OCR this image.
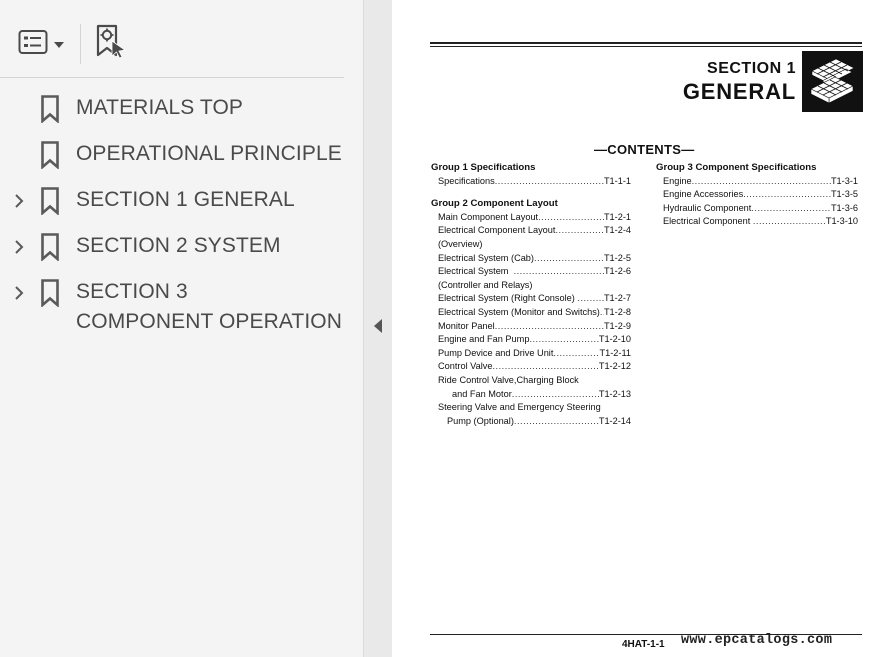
MATERIALS TOP
OPERATIONAL PRINCIPLE
SECTION 1 GENERAL
SECTION 2 SYSTEM
SECTION 3
COMPONENT OPERATION
SECTION 1
GENERAL
—CONTENTS—
Group 1 Specifications
Specifications .....	T1-1-1
Group 2 Component Layout
Main Component Layout .....	T1-2-1
Electrical Component Layout .....	T1-2-4
(Overview)
Electrical System (Cab) .....	T1-2-5
Electrical System .....	T1-2-6
(Controller and Relays)
Electrical System (Right Console) .....	T1-2-7
Electrical System (Monitor and Switchs) ..... T1-2-8
Monitor Panel .....	T1-2-9
Engine and Fan Pump .....	T1-2-10
Pump Device and Drive Unit .....	T1-2-11
Control Valve .....	T1-2-12
Ride Control Valve,Charging Block
and Fan Motor .....	T1-2-13
Steering Valve and Emergency Steering
Pump (Optional) .....	T1-2-14
Group 3 Component Specifications
Engine .....	T1-3-1
Engine Accessories .....	T1-3-5
Hydraulic Component .....	T1-3-6
Electrical Component .....	T1-3-10
4HAT-1-1 www.epcatalogs.com
